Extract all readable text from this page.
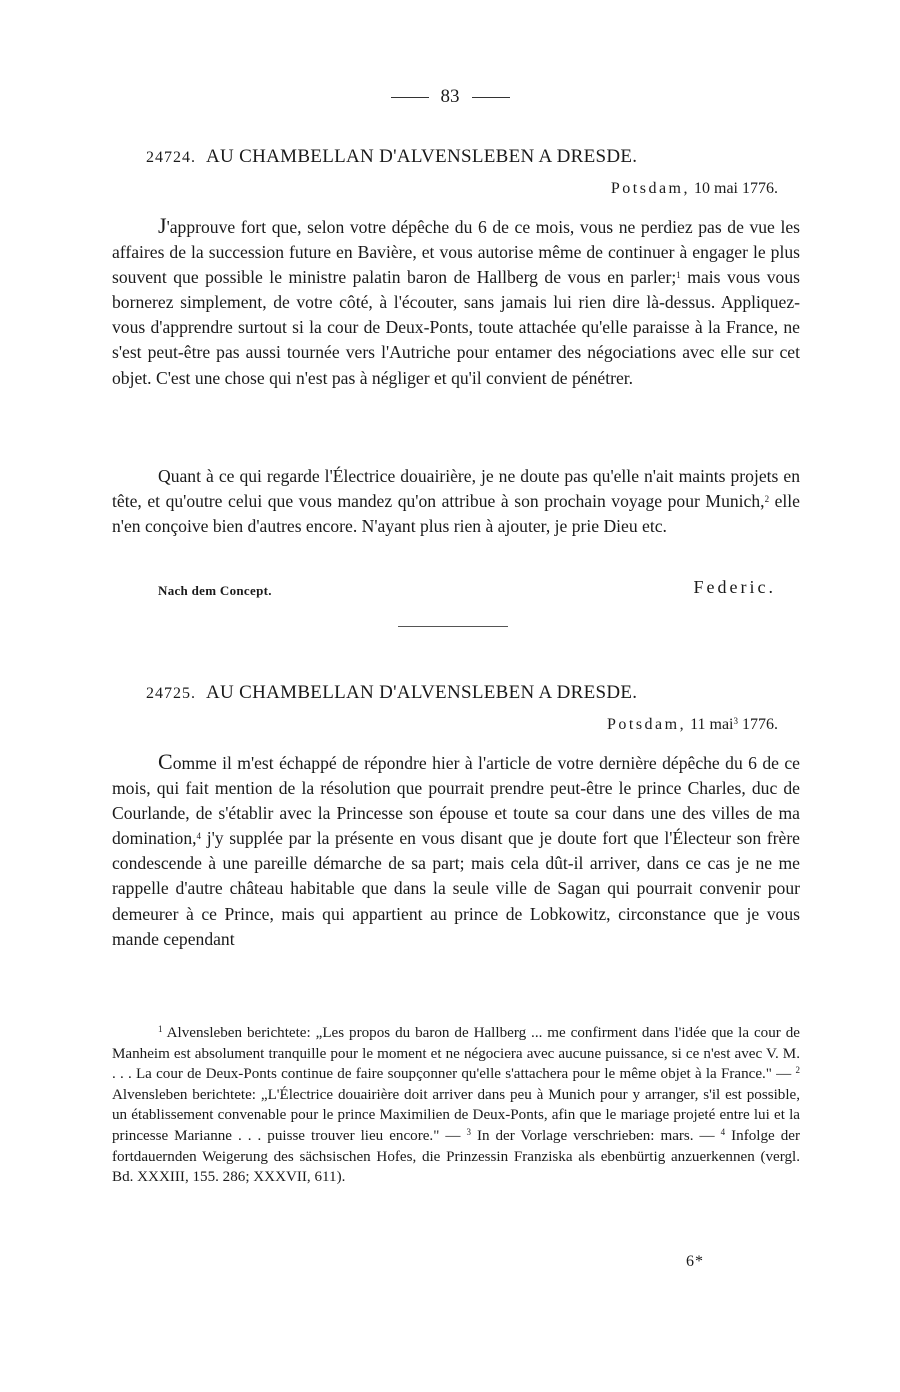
83
24724. AU CHAMBELLAN D'ALVENSLEBEN A DRESDE.
Potsdam, 10 mai 1776.

J'approuve fort que, selon votre dépêche du 6 de ce mois, vous ne perdiez pas de vue les affaires de la succession future en Bavière, et vous autorise même de continuer à engager le plus souvent que possible le ministre palatin baron de Hallberg de vous en parler;$^1$ mais vous vous bornerez simplement, de votre côté, à l'écouter, sans jamais lui rien dire là-dessus. Appliquez-vous d'apprendre surtout si la cour de Deux-Ponts, toute attachée qu'elle paraisse à la France, ne s'est peut-être pas aussi tournée vers l'Autriche pour entamer des négociations avec elle sur cet objet. C'est une chose qui n'est pas à négliger et qu'il convient de pénétrer.

Quant à ce qui regarde l'Électrice douairière, je ne doute pas qu'elle n'ait maints projets en tête, et qu'outre celui que vous mandez qu'on attribue à son prochain voyage pour Munich,$^2$ elle n'en conçoive bien d'autres encore. N'ayant plus rien à ajouter, je prie Dieu etc.

Nach dem Concept.	Federic.
24725. AU CHAMBELLAN D'ALVENSLEBEN A DRESDE.
Potsdam, 11 mai$^3$ 1776.

Comme il m'est échappé de répondre hier à l'article de votre dernière dépêche du 6 de ce mois, qui fait mention de la résolution que pourrait prendre peut-être le prince Charles, duc de Courlande, de s'établir avec la Princesse son épouse et toute sa cour dans une des villes de ma domination,$^4$ j'y supplée par la présente en vous disant que je doute fort que l'Électeur son frère condescende à une pareille démarche de sa part; mais cela dût-il arriver, dans ce cas je ne me rappelle d'autre château habitable que dans la seule ville de Sagan qui pourrait convenir pour demeurer à ce Prince, mais qui appartient au prince de Lobkowitz, circonstance que je vous mande cependant

$^1$ Alvensleben berichtete: „Les propos du baron de Hallberg ... me confirment dans l'idée que la cour de Manheim est absolument tranquille pour le moment et ne négociera avec aucune puissance, si ce n'est avec V. M. . . . La cour de Deux-Ponts continue de faire soupçonner qu'elle s'attachera pour le même objet à la France." — $^2$ Alvensleben berichtete: „L'Électrice douairière doit arriver dans peu à Munich pour y arranger, s'il est possible, un établissement convenable pour le prince Maximilien de Deux-Ponts, afin que le mariage projeté entre lui et la princesse Marianne . . . puisse trouver lieu encore." — $^3$ In der Vorlage verschrieben: mars. — $^4$ Infolge der fortdauernden Weigerung des sächsischen Hofes, die Prinzessin Franziska als ebenbürtig anzuerkennen (vergl. Bd. XXXIII, 155. 286; XXXVII, 611).

6*
